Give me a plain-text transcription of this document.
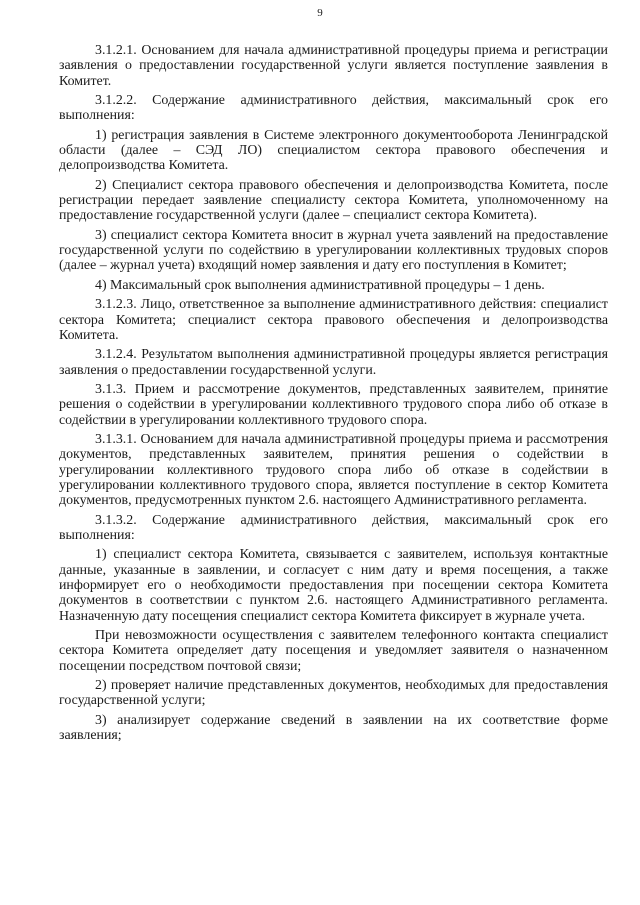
9

3.1.2.1. Основанием для начала административной процедуры приема и регистрации заявления о предоставлении государственной услуги является поступление заявления в Комитет.

3.1.2.2. Содержание административного действия, максимальный срок его выполнения:

1) регистрация заявления в Системе электронного документооборота Ленинградской области (далее – СЭД ЛО) специалистом сектора правового обеспечения и делопроизводства Комитета.

2) Специалист сектора правового обеспечения и делопроизводства Комитета, после регистрации передает заявление специалисту сектора Комитета, уполномоченному на предоставление государственной услуги (далее – специалист сектора Комитета).

3) специалист сектора Комитета вносит в журнал учета заявлений на предоставление государственной услуги по содействию в урегулировании коллективных трудовых споров (далее – журнал учета) входящий номер заявления и дату его поступления в Комитет;

4) Максимальный срок выполнения административной процедуры – 1 день.

3.1.2.3. Лицо, ответственное за выполнение административного действия: специалист сектора Комитета; специалист сектора правового обеспечения и делопроизводства Комитета.

3.1.2.4. Результатом выполнения административной процедуры является регистрация заявления о предоставлении государственной услуги.

3.1.3. Прием и рассмотрение документов, представленных заявителем, принятие решения о содействии в урегулировании коллективного трудового спора либо об отказе в содействии в урегулировании коллективного трудового спора.

3.1.3.1. Основанием для начала административной процедуры приема и рассмотрения документов, представленных заявителем, принятия решения о содействии в урегулировании коллективного трудового спора либо об отказе в содействии в урегулировании коллективного трудового спора, является поступление в сектор Комитета документов, предусмотренных пунктом 2.6. настоящего Административного регламента.

3.1.3.2. Содержание административного действия, максимальный срок его выполнения:

1) специалист сектора Комитета, связывается с заявителем, используя контактные данные, указанные в заявлении, и согласует с ним дату и время посещения, а также информирует его о необходимости предоставления при посещении сектора Комитета документов в соответствии с пунктом 2.6. настоящего Административного регламента. Назначенную дату посещения специалист сектора Комитета фиксирует в журнале учета.

При невозможности осуществления с заявителем телефонного контакта специалист сектора Комитета определяет дату посещения и уведомляет заявителя о назначенном посещении посредством почтовой связи;

2) проверяет наличие представленных документов, необходимых для предоставления государственной услуги;

3) анализирует содержание сведений в заявлении на их соответствие форме заявления;
